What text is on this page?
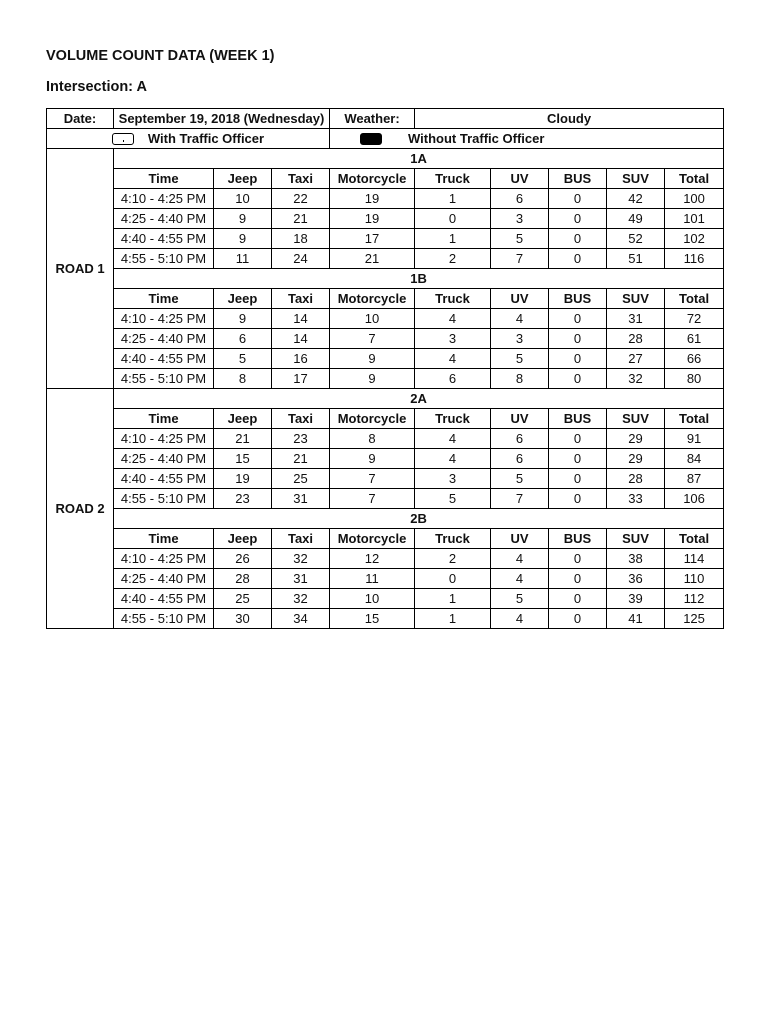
VOLUME COUNT DATA (WEEK 1)
Intersection: A
Date:	September 19, 2018 (Wednesday)			Weather:	Cloudy				
With Traffic Officer				Without Traffic Officer					
ROAD 1	1A								
	Time	Jeep	Taxi	Motorcycle	Truck	UV	BUS	SUV	Total
	4:10 - 4:25 PM	10	22	19	1	6	0	42	100
	4:25 - 4:40 PM	9	21	19	0	3	0	49	101
	4:40 - 4:55 PM	9	18	17	1	5	0	52	102
	4:55 - 5:10 PM	11	24	21	2	7	0	51	116
	1B								
	Time	Jeep	Taxi	Motorcycle	Truck	UV	BUS	SUV	Total
	4:10 - 4:25 PM	9	14	10	4	4	0	31	72
	4:25 - 4:40 PM	6	14	7	3	3	0	28	61
	4:40 - 4:55 PM	5	16	9	4	5	0	27	66
	4:55 - 5:10 PM	8	17	9	6	8	0	32	80
ROAD 2	2A								
	Time	Jeep	Taxi	Motorcycle	Truck	UV	BUS	SUV	Total
	4:10 - 4:25 PM	21	23	8	4	6	0	29	91
	4:25 - 4:40 PM	15	21	9	4	6	0	29	84
	4:40 - 4:55 PM	19	25	7	3	5	0	28	87
	4:55 - 5:10 PM	23	31	7	5	7	0	33	106
	2B								
	Time	Jeep	Taxi	Motorcycle	Truck	UV	BUS	SUV	Total
	4:10 - 4:25 PM	26	32	12	2	4	0	38	114
	4:25 - 4:40 PM	28	31	11	0	4	0	36	110
	4:40 - 4:55 PM	25	32	10	1	5	0	39	112
	4:55 - 5:10 PM	30	34	15	1	4	0	41	125
